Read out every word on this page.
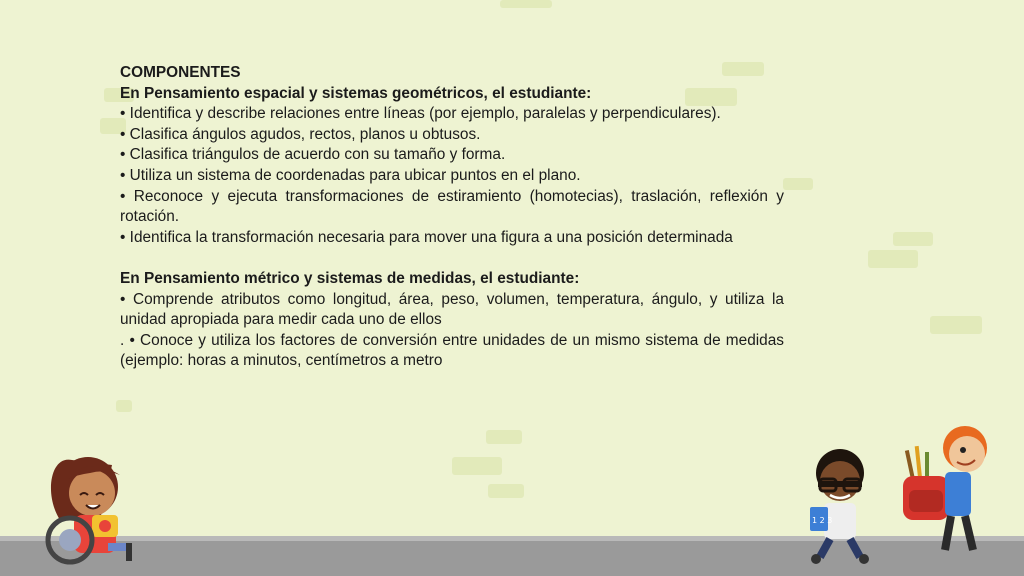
COMPONENTES

En Pensamiento espacial y sistemas geométricos, el estudiante:

• Identifica y describe relaciones entre líneas (por ejemplo, paralelas y perpendiculares).

• Clasifica ángulos agudos, rectos, planos u obtusos.

• Clasifica triángulos de acuerdo con su tamaño y forma.

• Utiliza un sistema de coordenadas para ubicar puntos en el plano.

• Reconoce y ejecuta transformaciones de estiramiento (homotecias), traslación, reflexión y rotación.

• Identifica la transformación necesaria para mover una figura a una posición determinada

En Pensamiento métrico y sistemas de medidas, el estudiante:

• Comprende atributos como longitud, área, peso, volumen, temperatura, ángulo, y utiliza la unidad apropiada para medir cada uno de ellos

. • Conoce y utiliza los factores de conversión entre unidades de un mismo sistema de medidas (ejemplo: horas a minutos, centímetros a metro

1 2 3
